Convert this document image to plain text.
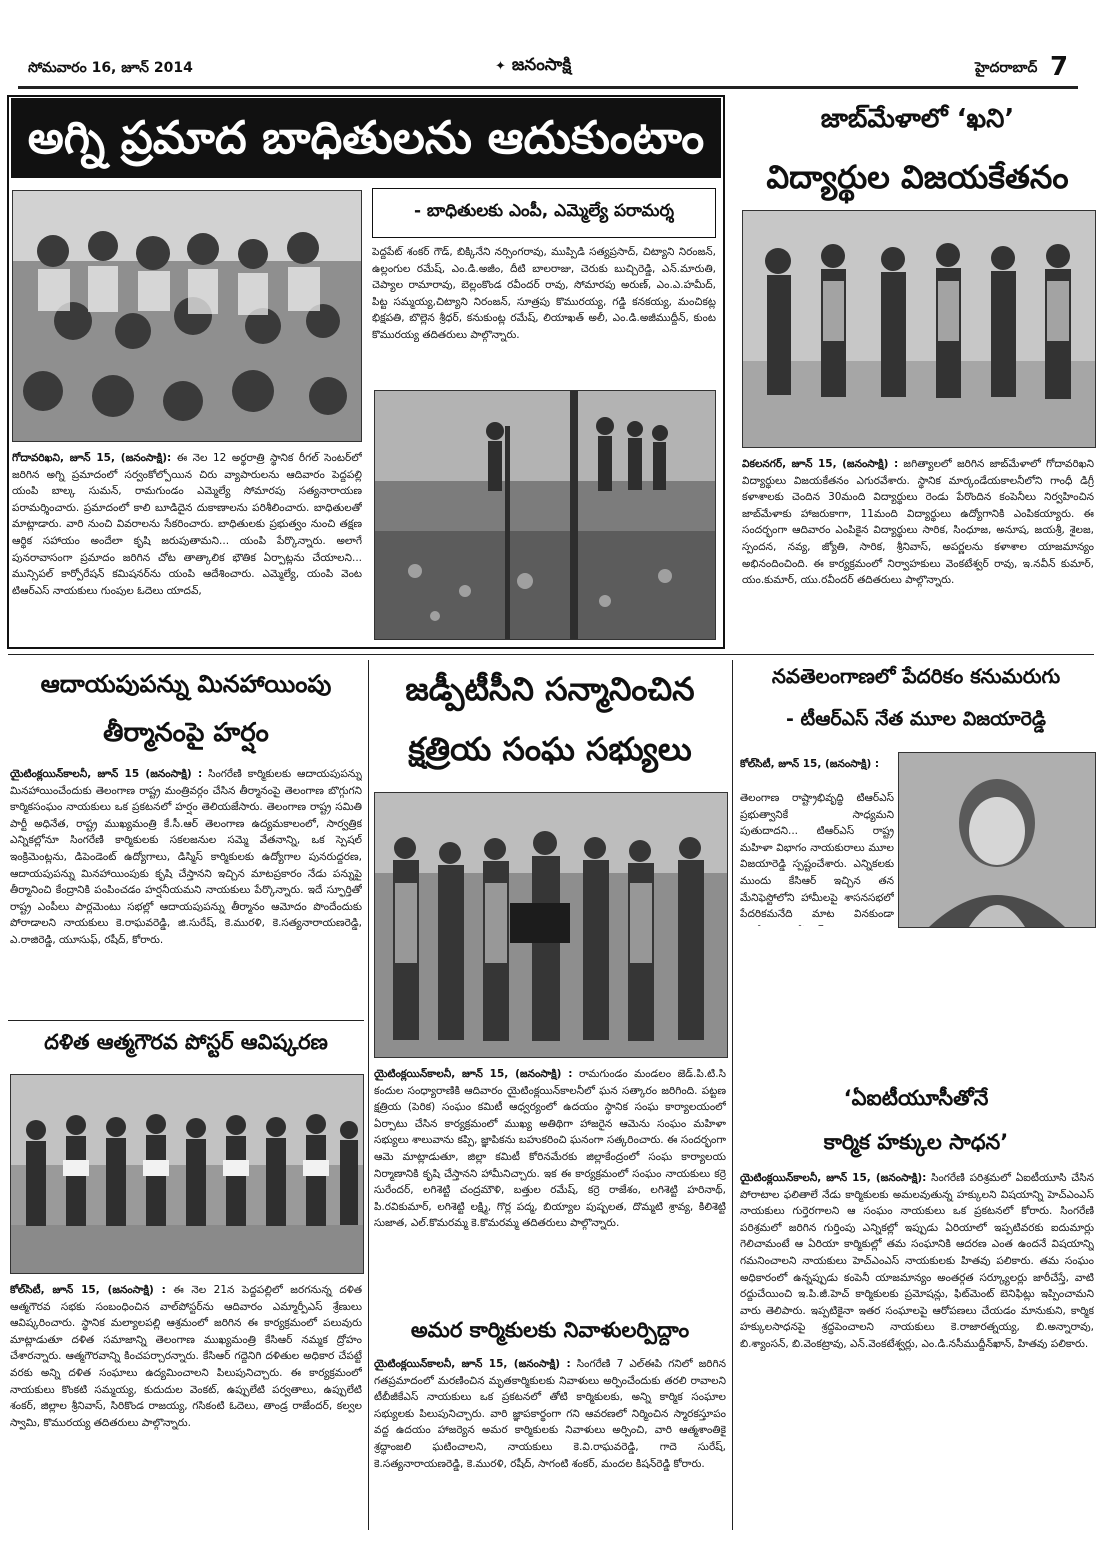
సోమవారం 16, జూన్‌ 2014	✦ జనంసాక్షి	హైదరాబాద్‌ 7
అగ్ని ప్రమాద బాధితులను ఆదుకుంటాం
- బాధితులకు ఎంపీ, ఎమ్మెల్యే పరామర్శ
పెద్దపేట్‌ శంకర్‌ గౌడ్‌, బిక్కినేని నర్సింగరావు, ముప్పిడి సత్యప్రసాద్‌, చిట్యాని నిరంజన్‌, ఉల్లంగుల రమేష్‌, ఎం.డి.అజీం, దీటి బాలరాజు, చెరుకు బుచ్చిరెడ్డి, ఎన్‌.మారుతి, చెప్యాల రామారావు, బెల్లంకొండ రవీందర్‌ రావు, సోమారపు అరుణ్‌, ఎం.ఎ.హమీద్‌, పిట్ట సమ్మయ్య,చిట్యాని నిరంజన్‌, సూత్రపు కొమురయ్య, గడ్డి కనకయ్య, మంచికట్ల భిక్షపతి, బొల్లెన శ్రీధర్‌, కనుకుంట్ల రమేష్‌, లియాఖత్‌ అలీ, ఎం.డి.అజీముద్దీన్‌, కుంట కొమురయ్య తదితరులు పాల్గొన్నారు.
గోదావరిఖని, జూన్‌ 15, (జనంసాక్షి): ఈ నెల 12 అర్థరాత్రి స్థానిక రీగల్‌ సెంటర్‌లో జరిగిన అగ్ని ప్రమాదంలో సర్వంకోల్పోయిన చిరు వ్యాపారులను ఆదివారం పెద్దపల్లి యంపి బాల్క సుమన్‌, రామగుండం ఎమ్మెల్యే సోమారపు సత్యనారాయణ పరామర్శించారు. ప్రమాదంలో కాలి బూడిదైన దుకాణాలను పరిశీలించారు. బాధితులతో మాట్లాడారు. వారి నుంచి వివరాలను సేకరించారు. బాధితులకు ప్రభుత్వం నుంచి తక్షణ ఆర్థిక సహాయం అందేలా కృషి జరుపుతామని... యంపి పేర్కొన్నారు. అలాగే పునరావాసంగా ప్రమాదం జరిగిన చోట తాత్కాలిక భౌతిక ఏర్పాట్లను చేయాలని... మున్సిపల్‌ కార్పోరేషన్‌ కమిషనర్‌ను యంపి ఆదేశించారు. ఎమ్మెల్యే, యంపి వెంట టిఆర్‌ఎస్‌ నాయకులు గుంపుల ఓదెలు యాదవ్‌,
జాబ్‌మేళాలో ‘ఖని’
విద్యార్థుల విజయకేతనం
వికలనగర్‌, జూన్‌ 15, (జనంసాక్షి) : జగిత్యాలలో జరిగిన జాబ్‌మేళాలో గోదావరిఖని విద్యార్థులు విజయకేతనం ఎగురవేశారు. స్థానిక మార్కండేయకాలనీలోని గాంధీ డిగ్రీ కళాశాలకు చెందిన 30మంది విద్యార్థులు రెండు పేరొందిన కంపెనీలు నిర్వహించిన జాబ్‌మేళాకు హాజరుకాగా, 11మంది విద్యార్థులు ఉద్యోగానికి ఎంపికయ్యారు. ఈ సందర్భంగా ఆదివారం ఎంపికైన విద్యార్థులు సారిక, సింధూజ, అనూష, జయశ్రీ, శైలజ, స్పందన, నవ్య, జ్యోతి, సారిక, శ్రీనివాస్‌, అపర్ణలను కళాశాల యాజమాన్యం అభినందించింది. ఈ కార్యక్రమంలో నిర్వాహకులు వెంకటేశ్వర్‌ రావు, ఇ.నవీన్‌ కుమార్‌, యం.కుమార్‌, యు.రవీందర్‌ తదితరులు పాల్గొన్నారు.
ఆదాయపుపన్ను మినహాయింపు
తీర్మానంపై హర్షం
యైటింక్లయిన్‌కాలనీ, జూన్‌ 15 (జనంసాక్షి) : సింగరేణి కార్మికులకు ఆదాయపుపన్ను మినహాయించేందుకు తెలంగాణ రాష్ట్ర మంత్రివర్గం చేసిన తీర్మానంపై తెలంగాణ బొగ్గుగని కార్మికసంఘం నాయకులు ఒక ప్రకటనలో హర్షం తెలియజేసారు. తెలంగాణ రాష్ట్ర సమితి పార్టీ అధినేత, రాష్ట్ర ముఖ్యమంత్రి కే.సీ.ఆర్‌ తెలంగాణ ఉద్యమకాలంలో, సార్వత్రిక ఎన్నికల్లోనూ సింగరేణి కార్మికులకు సకలజనుల సమ్మె వేతనాన్ని, ఒక స్పెషల్‌ ఇంక్రిమెంట్లను, డిపెండెంట్‌ ఉద్యోగాలు, డిస్మిస్‌ కార్మికులకు ఉద్యోగాల పునరుద్దరణ, ఆదాయపుపన్ను మినహాయింపుకు కృషి చేస్తానని ఇచ్చిన మాటప్రకారం నేడు పన్నుపై తీర్మానించి కేంద్రానికి పంపించడం హర్షనీయమని నాయకులు పేర్కొన్నారు. ఇదే స్ఫూర్తితో రాష్ట్ర ఎంపీలు పార్లమెంటు సభల్లో ఆదాయపుపన్ను తీర్మానం ఆమోదం పొందేందుకు పోరాడాలని నాయకులు కె.రాఘవరెడ్డి, జి.సురేష్‌, కె.మురళి, కె.సత్యనారాయణరెడ్డి, ఎ.రాజిరెడ్డి, యూసుఫ్‌, రషీద్‌, కోరారు.
దళిత ఆత్మగౌరవ పోస్టర్‌ ఆవిష్కరణ
కోల్‌సిటీ, జూన్‌ 15, (జనంసాక్షి) : ఈ నెల 21న పెద్దపల్లిలో జరగనున్న దళిత ఆత్మగౌరవ సభకు సంబంధించిన వాల్‌పోస్టర్‌ను ఆదివారం ఎమ్మార్పీఎస్‌ శ్రేణులు ఆవిష్కరించారు. స్థానిక మల్యాలపల్లి ఆశ్రమంలో జరిగిన ఈ కార్యక్రమంలో పలువురు మాట్లాడుతూ దళిత సమాజాన్ని తెలంగాణ ముఖ్యమంత్రి కేసిఆర్‌ నమ్మక ద్రోహం చేశారన్నారు. ఆత్మగౌరవాన్ని కించపర్చారన్నారు. కేసిఆర్‌ గద్దెనిగి దళితుల అధికార చేపట్టే వరకు అన్ని దళిత సంఘాలు ఉద్యమించాలని పిలుపునిచ్చారు. ఈ కార్యక్రమంలో నాయకులు కొంకటి సమ్మయ్య, కుదుదుల వెంకట్‌, ఉప్పులేటి పర్వతాలు, ఉప్పులేటి శంకర్‌, జిల్లాల శ్రీనివాస్‌, సిరికొండ రాజయ్య, గసికంటి ఓదెలు, తాండ్ర రాజేందర్‌, కల్వల స్వామి, కొమురయ్య తదితరులు పాల్గొన్నారు.
జడ్పీటీసీని సన్మానించిన
క్షత్రియ సంఘ సభ్యులు
యైటింక్లయిన్‌కాలనీ, జూన్‌ 15, (జనంసాక్షి) : రామగుండం మండలం జెడ్‌.పి.టి.సి కందుల సంధ్యారాణికి ఆదివారం యైటింక్లయిన్‌కాలనీలో ఘన సత్కారం జరిగింది. పట్టణ క్షత్రియ (పెరిక) సంఘం కమిటీ ఆధ్వర్యంలో ఉదయం స్థానిక సంఘ కార్యాలయంలో ఏర్పాటు చేసిన కార్యక్రమంలో ముఖ్య అతిథిగా హాజరైన ఆమెను సంఘం మహిళా సభ్యులు శాలువాను కప్పి, జ్ఞాపికను బహుకరించి ఘనంగా సత్కరించారు. ఈ సందర్భంగా ఆమె మాట్లాడుతూ, జిల్లా కమిటీ కోరినమేరకు జిల్లాకేంద్రంలో సంఘ కార్యాలయ నిర్మాణానికి కృషి చేస్తానని హామీనిచ్చారు. ఇక ఈ కార్యక్రమంలో సంఘం నాయకులు కర్రె సురేందర్‌, లగిశెట్టి చంద్రమౌళి, బత్తుల రమేష్‌, కర్రె రాజేశం, లగిశెట్టి హరినాథ్‌, పి.రవికుమార్‌, లగిశెట్టి లక్ష్మి, గొర్ల పద్మ, బియ్యాల పుష్పలత, దొమ్మటి శ్రావ్య, కిలిశెట్టి సుజాత, ఎల్‌.కొమరమ్మ కె.కొమరమ్మ తదితరులు పాల్గొన్నారు.
అమర కార్మికులకు నివాళులర్పిద్దాం
యైటింక్లయిన్‌కాలనీ, జూన్‌ 15, (జనంసాక్షి) : సింగరేణి 7 ఎల్‌ఈపి గనిలో జరిగిన గతప్రమాదంలో మరణించిన మృతకార్మికులకు నివాళులు అర్పించేందుకు తరలి రావాలని టీబీజీకేఎస్‌ నాయకులు ఒక ప్రకటనలో తోటి కార్మికులకు, అన్ని కార్మిక సంఘాల సభ్యులకు పిలుపునిచ్చారు. వారి జ్ఞాపకార్థంగా గని ఆవరణలో నిర్మించిన స్మారకస్తూపం వద్ద ఉదయం హాజర్యెన అమర కార్మికులకు నివాళులు అర్పించి, వారి ఆత్మశాంతికై శ్రద్ధాంజలి ఘటించాలని, నాయకులు కె.వి.రాఘవరెడ్డి, గాదె సురేష్‌, కె.సత్యనారాయణరెడ్డి, కె.మురళి, రషీద్‌, సాగంటి శంకర్‌, మందల కిషన్‌రెడ్డి కోరారు.
నవతెలంగాణలో పేదరికం కనుమరుగు
- టీఆర్‌ఎస్‌ నేత మూల విజయారెడ్డి
కోల్‌సిటీ, జూన్‌ 15, (జనంసాక్షి) :
తెలంగాణ రాష్ట్రాభివృద్ధి టిఆర్‌ఎస్‌ ప్రభుత్వానికే సాధ్యమని పుతుదాదని... టిఆర్‌ఎస్‌ రాష్ట్ర మహిళా విభాగం నాయకురాలు మూల విజయారెడ్డి స్పష్టంచేశారు. ఎన్నికలకు ముందు కేసిఆర్‌ ఇచ్చిన తన మేనిఫెస్టోలోని హామీలపై శాసనసభలో పేదరికమనేది మాట వినకుండా
‘ఏఐటీయూసీతోనే
కార్మిక హక్కుల సాధన’
యైటింక్లయిన్‌కాలనీ, జూన్‌ 15, (జనంసాక్షి): సింగరేణి పరిశ్రమలో ఏఐటీయూసి చేసిన పోరాటాల ఫలితాలే నేడు కార్మికులకు అమలవుతున్న హక్కులని విషయాన్ని హెచ్‌ఎంఎస్‌ నాయకులు గుర్తెరగాలని ఆ సంఘం నాయకులు ఒక ప్రకటనలో కోరారు. సింగరేణి పరిశ్రమలో జరిగిన గుర్తింపు ఎన్నికల్లో ఇప్పుడు ఏరియాలో ఇప్పటివరకు ఐదుమార్లు గెలిచామంటే ఆ ఏరియా కార్మికుల్లో తమ సంఘానికి ఆదరణ ఎంత ఉందనే విషయాన్ని గమనించాలని నాయకులు హెచ్‌ఎంఎస్‌ నాయకులకు హితవు పలికారు. తమ సంఘం అధికారంలో ఉన్నప్పుడు కంపెనీ యాజమాన్యం అంతర్గత సర్క్యూలర్లు జారీచేస్తే, వాటి రద్దుచేయించి ఇ.పి.జీ.హెచ్‌ కార్మికులకు ప్రమోషన్లు, ఫిట్‌మెంట్‌ బెనిఫిట్లు ఇప్పించామని వారు తెలిపారు. ఇప్పటికైనా ఇతర సంఘాలపై ఆరోపణలు చేయడం మానుకుని, కార్మిక హక్కులసాధనపై శ్రద్ధపెంచాలని నాయకులు కె.రాజారత్నయ్య, బి.అన్నారావు, బి.శ్యాంసన్‌, బి.వెంకట్రావు, ఎన్‌.వెంకటేశ్వర్లు, ఎం.డి.నసీముద్దీన్‌ఖాన్‌, హితవు పలికారు.
